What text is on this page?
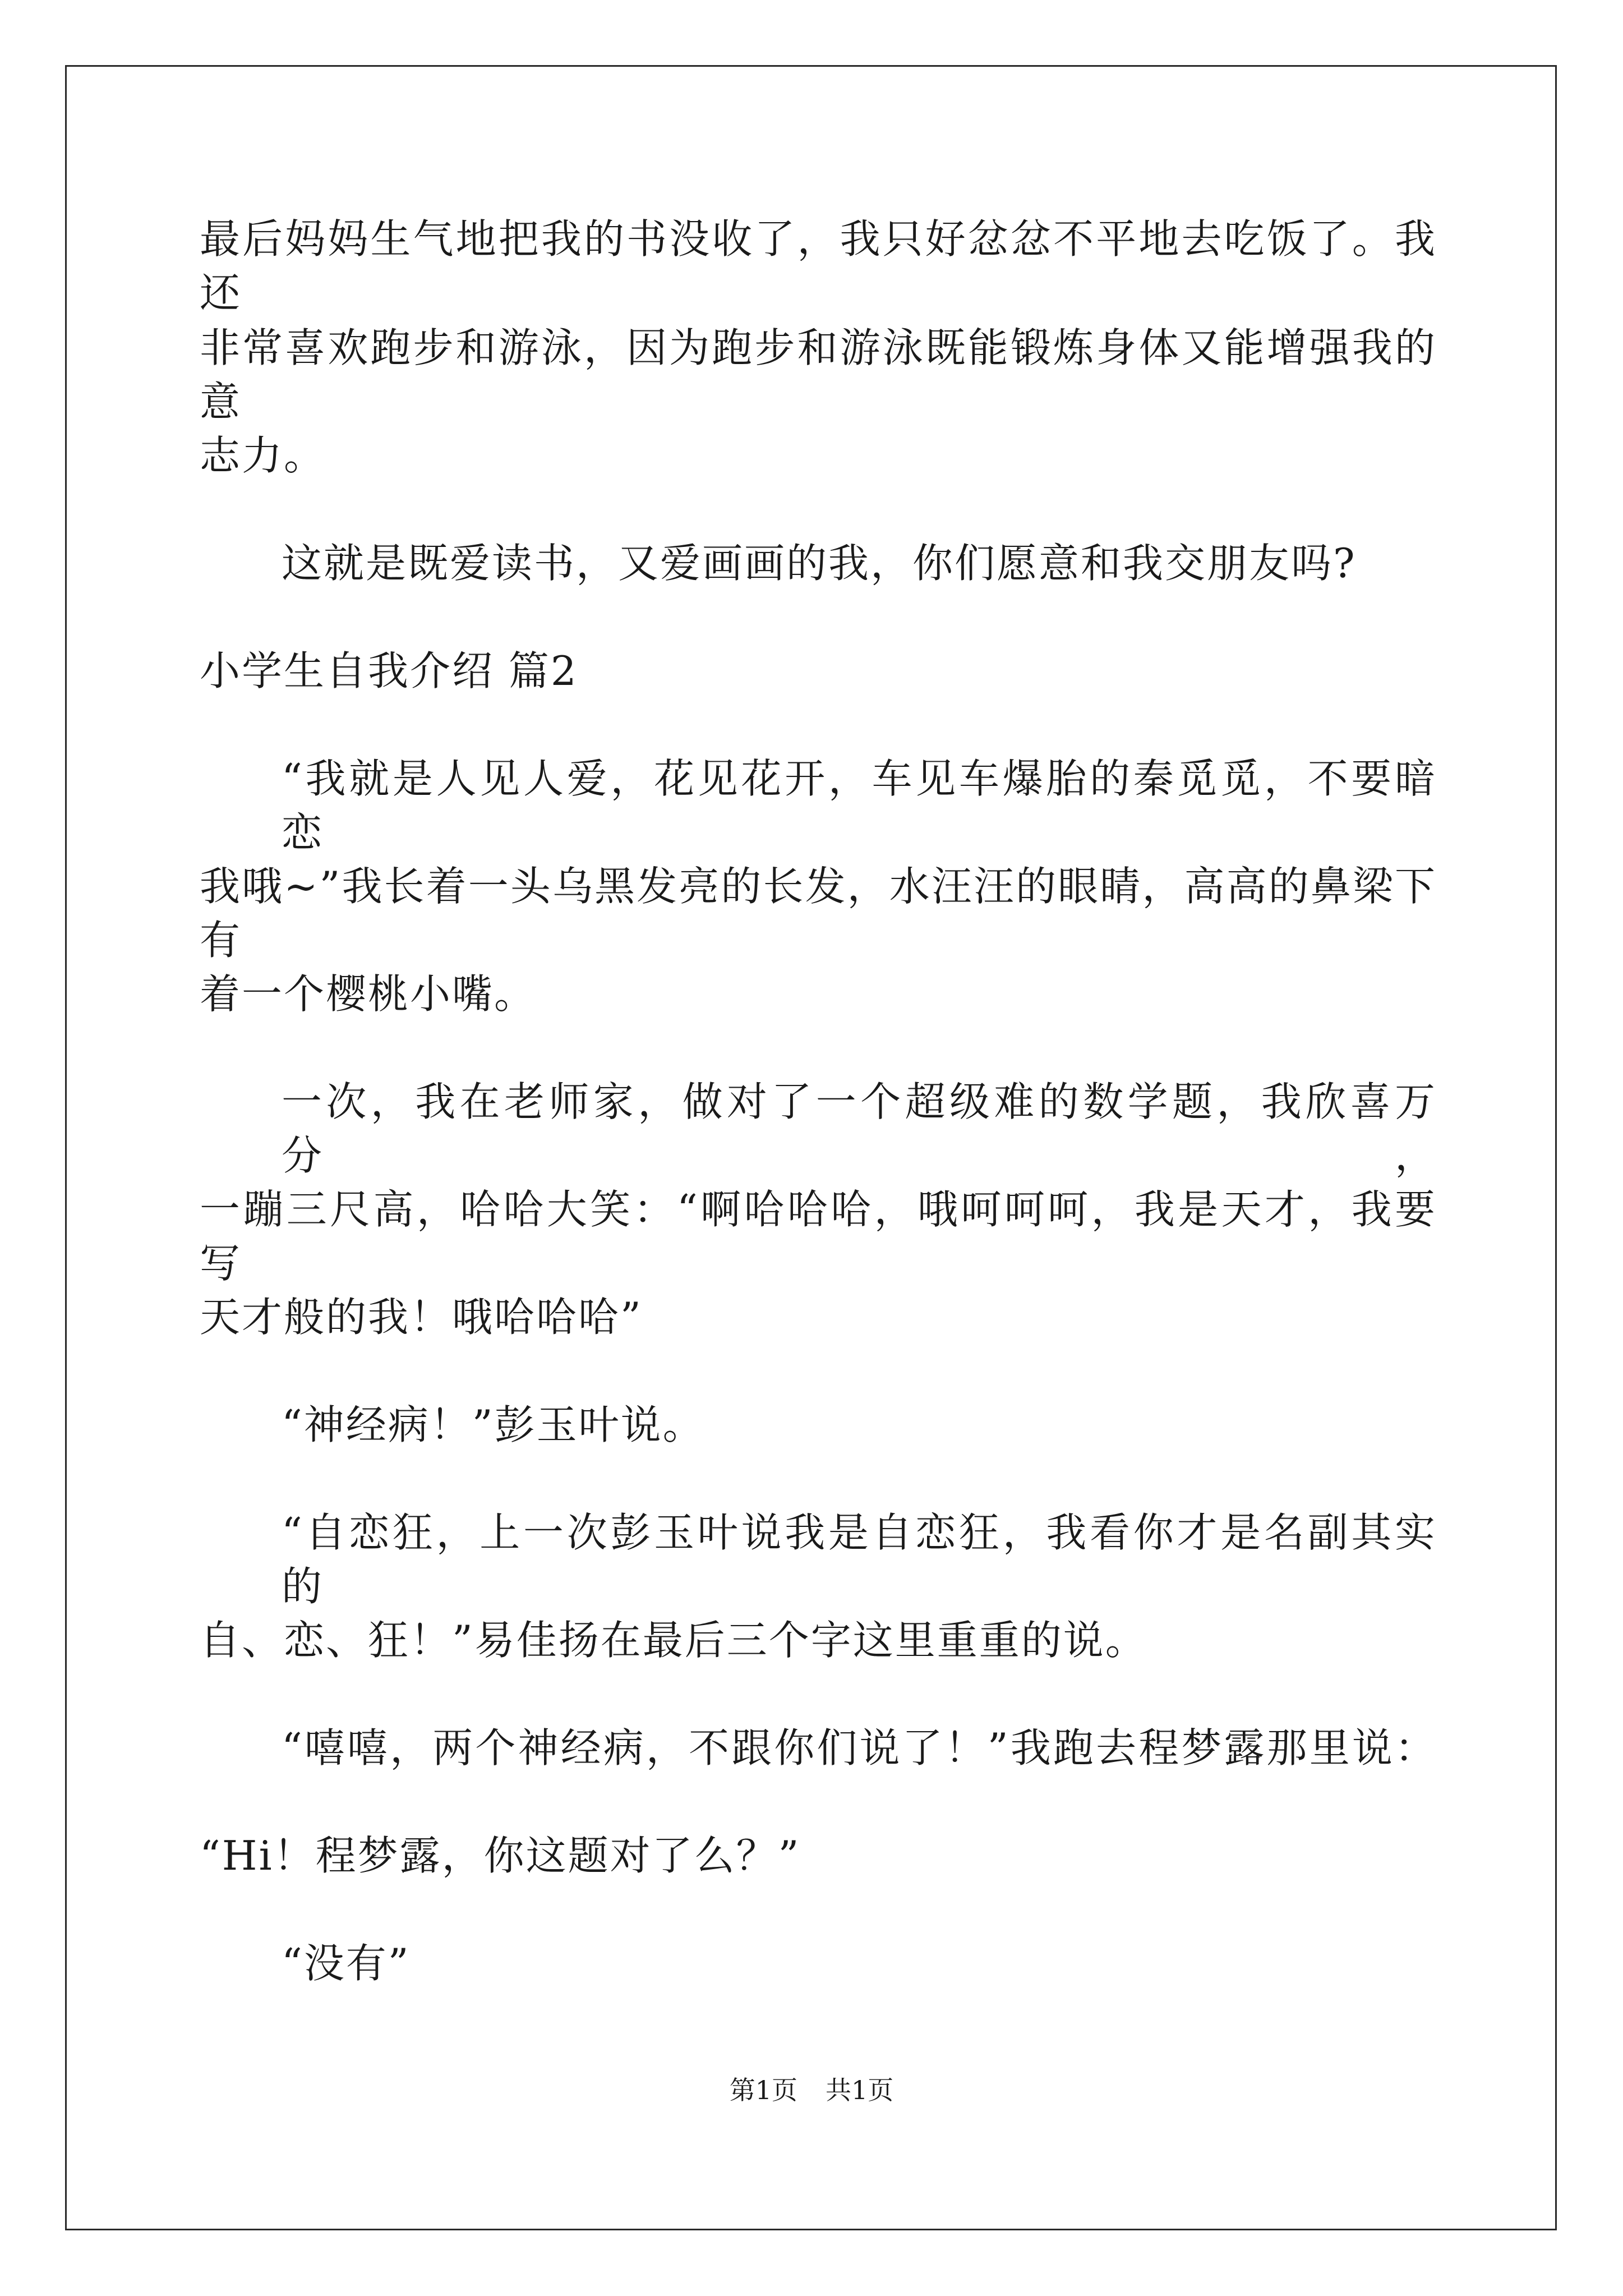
最后妈妈生气地把我的书没收了，我只好忿忿不平地去吃饭了。我还
非常喜欢跑步和游泳，因为跑步和游泳既能锻炼身体又能增强我的意
志力。
这就是既爱读书，又爱画画的我，你们愿意和我交朋友吗?
小学生自我介绍 篇2
“我就是人见人爱，花见花开，车见车爆胎的秦觅觅，不要暗恋
我哦~”我长着一头乌黑发亮的长发，水汪汪的眼睛，高高的鼻梁下有
着一个樱桃小嘴。
一次，我在老师家，做对了一个超级难的数学题，我欣喜万分，
一蹦三尺高，哈哈大笑：“啊哈哈哈，哦呵呵呵，我是天才，我要写
天才般的我！哦哈哈哈”
“神经病！”彭玉叶说。
“自恋狂，上一次彭玉叶说我是自恋狂，我看你才是名副其实的
自、恋、狂！”易佳扬在最后三个字这里重重的说。
“嘻嘻，两个神经病，不跟你们说了！”我跑去程梦露那里说：
“Hi！程梦露，你这题对了么？”
“没有”
第1页 共1页
